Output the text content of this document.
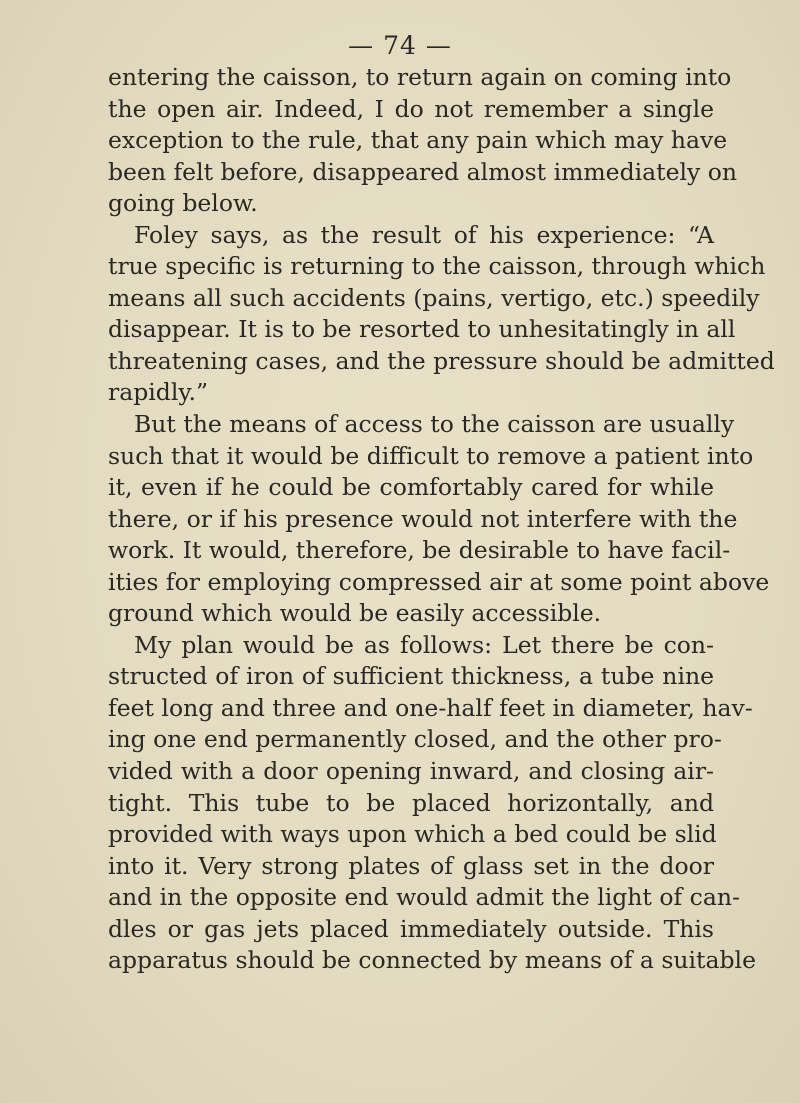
— 74 —

entering the caisson, to return again on coming into
the open air. Indeed, I do not remember a single
exception to the rule, that any pain which may have
been felt before, disappeared almost immediately on
going below.

Foley says, as the result of his experience: “A
true specific is returning to the caisson, through which
means all such accidents (pains, vertigo, etc.) speedily
disappear. It is to be resorted to unhesitatingly in all
threatening cases, and the pressure should be admitted
rapidly.”

But the means of access to the caisson are usually
such that it would be difficult to remove a patient into
it, even if he could be comfortably cared for while
there, or if his presence would not interfere with the
work. It would, therefore, be desirable to have facil-
ities for employing compressed air at some point above
ground which would be easily accessible.

My plan would be as follows: Let there be con-
structed of iron of sufficient thickness, a tube nine
feet long and three and one-half feet in diameter, hav-
ing one end permanently closed, and the other pro-
vided with a door opening inward, and closing air-
tight. This tube to be placed horizontally, and
provided with ways upon which a bed could be slid
into it. Very strong plates of glass set in the door
and in the opposite end would admit the light of can-
dles or gas jets placed immediately outside. This
apparatus should be connected by means of a suitable
